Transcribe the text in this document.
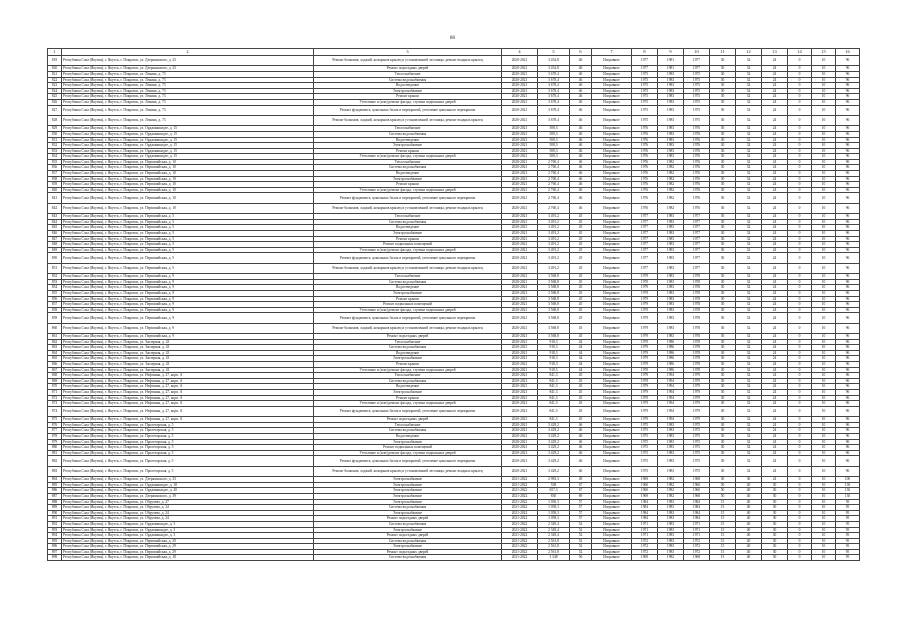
86
1	2	3	4	5	6	7	8	9	10	11	12	13	14	15	16
819	Республика Саха (Якутия), г. Якутск, г. Покровск, ул. Дзержинского, д. 25	Ремонт балконов, лоджий, козырьков крылец и установленной лестницы, ремонт входных крылец	2020-2021	3 434,8	46	Исправное	1977	1981	1977	30	32	24	0	10	96
820	Республика Саха (Якутия), г. Якутск, г. Покровск, ул. Дзержинского, д. 25	Ремонт подъездных дверей	2020-2021	3 434,8	46	Исправное	1977	1981	1977	30	32	24	0	10	96
821	Республика Саха (Якутия), г. Якутск, г. Покровск, ул. Ленина, д. 73	Теплоснабжение	2020-2021	3 678,4	46	Исправное	1975	1983	1975	30	32	24	0	10	96
822	Республика Саха (Якутия), г. Якутск, г. Покровск, ул. Ленина, д. 73	Система водоснабжения	2020-2021	3 678,4	46	Исправное	1975	1983	1975	30	32	24	0	10	96
823	Республика Саха (Якутия), г. Якутск, г. Покровск, ул. Ленина, д. 73	Водоотведение	2020-2021	3 678,4	46	Исправное	1975	1983	1975	30	32	24	0	10	96
824	Республика Саха (Якутия), г. Якутск, г. Покровск, ул. Ленина, д. 73	Электроснабжение	2020-2021	3 678,4	46	Исправное	1975	1983	1975	30	32	24	0	10	96
825	Республика Саха (Якутия), г. Якутск, г. Покровск, ул. Ленина, д. 73	Ремонт крыши	2020-2021	3 678,4	46	Исправное	1975	1983	1975	30	32	24	0	10	96
826	Республика Саха (Якутия), г. Якутск, г. Покровск, ул. Ленина, д. 73	Утепление и (или) ремонт фасада, ступени подвальных дверей	2020-2021	3 678,4	46	Исправное	1975	1983	1975	30	32	24	0	10	96
827	Республика Саха (Якутия), г. Якутск, г. Покровск, ул. Ленина, д. 73	Ремонт фундамента, цокольных балок и перекрытий, утепление цокольного перекрытия	2020-2021	3 678,4	46	Исправное	1975	1983	1975	30	32	24	0	10	96
828	Республика Саха (Якутия), г. Якутск, г. Покровск, ул. Ленина, д. 73	Ремонт балконов, лоджий, козырьков крылец и установленной лестницы, ремонт входных крылец	2020-2021	3 678,4	46	Исправное	1975	1983	1975	30	32	24	0	10	96
829	Республика Саха (Якутия), г. Якутск, г. Покровск, ул. Орджоникидзе, д. 15	Теплоснабжение	2020-2021	508,3	46	Исправное	1976	1983	1976	30	32	24	0	10	96
830	Республика Саха (Якутия), г. Якутск, г. Покровск, ул. Орджоникидзе, д. 15	Система водоснабжения	2020-2021	508,3	46	Исправное	1976	1983	1976	30	32	24	0	10	96
831	Республика Саха (Якутия), г. Якутск, г. Покровск, ул. Орджоникидзе, д. 15	Водоотведение	2020-2021	508,3	46	Исправное	1976	1983	1976	30	32	24	0	10	96
832	Республика Саха (Якутия), г. Якутск, г. Покровск, ул. Орджоникидзе, д. 15	Электроснабжение	2020-2021	508,3	46	Исправное	1976	1983	1976	30	32	24	0	10	96
833	Республика Саха (Якутия), г. Якутск, г. Покровск, ул. Орджоникидзе, д. 15	Ремонт крыши	2020-2021	508,3	46	Исправное	1976	1983	1976	30	32	24	0	10	96
834	Республика Саха (Якутия), г. Якутск, г. Покровск, ул. Орджоникидзе, д. 15	Утепление и (или) ремонт фасада, ступени подвальных дверей	2020-2021	508,3	46	Исправное	1976	1983	1976	30	32	24	0	10	96
835	Республика Саха (Якутия), г. Якутск, г. Покровск, ул. Первомайская, д. 10	Теплоснабжение	2020-2021	2 760,4	46	Исправное	1976	1982	1976	30	32	24	0	10	96
836	Республика Саха (Якутия), г. Якутск, г. Покровск, ул. Первомайская, д. 10	Система водоснабжения	2020-2021	2 760,4	46	Исправное	1976	1982	1976	30	32	24	0	10	96
837	Республика Саха (Якутия), г. Якутск, г. Покровск, ул. Первомайская, д. 10	Водоотведение	2020-2021	2 760,4	46	Исправное	1976	1982	1976	30	32	24	0	10	96
838	Республика Саха (Якутия), г. Якутск, г. Покровск, ул. Первомайская, д. 10	Электроснабжение	2020-2021	2 760,4	46	Исправное	1976	1982	1976	30	32	24	0	10	96
839	Республика Саха (Якутия), г. Якутск, г. Покровск, ул. Первомайская, д. 10	Ремонт крыши	2020-2021	2 760,4	46	Исправное	1976	1982	1976	30	32	24	0	10	96
840	Республика Саха (Якутия), г. Якутск, г. Покровск, ул. Первомайская, д. 10	Утепление и (или) ремонт фасада, ступени подвальных дверей	2020-2021	2 760,4	46	Исправное	1976	1982	1976	30	32	24	0	10	96
841	Республика Саха (Якутия), г. Якутск, г. Покровск, ул. Первомайская, д. 10	Ремонт фундамента, цокольных балок и перекрытий, утепление цокольного перекрытия	2020-2021	2 760,4	46	Исправное	1976	1982	1976	30	32	24	0	10	96
842	Республика Саха (Якутия), г. Якутск, г. Покровск, ул. Первомайская, д. 10	Ремонт балконов, лоджий, козырьков крылец и установленной лестницы, ремонт входных крылец	2020-2021	2 760,4	46	Исправное	1976	1982	1976	30	32	24	0	10	96
843	Республика Саха (Якутия), г. Якутск, г. Покровск, ул. Первомайская, д. 5	Теплоснабжение	2020-2021	3 491,2	45	Исправное	1977	1983	1977	30	32	24	0	10	96
844	Республика Саха (Якутия), г. Якутск, г. Покровск, ул. Первомайская, д. 5	Система водоснабжения	2020-2021	3 491,2	45	Исправное	1977	1983	1977	30	32	24	0	10	96
845	Республика Саха (Якутия), г. Якутск, г. Покровск, ул. Первомайская, д. 5	Водоотведение	2020-2021	3 491,2	45	Исправное	1977	1983	1977	30	32	24	0	10	96
846	Республика Саха (Якутия), г. Якутск, г. Покровск, ул. Первомайская, д. 5	Электроснабжение	2020-2021	3 491,2	45	Исправное	1977	1983	1977	30	32	24	0	10	96
847	Республика Саха (Якутия), г. Якутск, г. Покровск, ул. Первомайская, д. 5	Ремонт крыши	2020-2021	3 491,2	45	Исправное	1977	1983	1977	30	32	24	0	10	96
848	Республика Саха (Якутия), г. Якутск, г. Покровск, ул. Первомайская, д. 5	Ремонт подвальных помещений	2020-2021	3 491,2	45	Исправное	1977	1983	1977	30	32	24	0	10	96
849	Республика Саха (Якутия), г. Якутск, г. Покровск, ул. Первомайская, д. 5	Утепление и (или) ремонт фасада, ступени подвальных дверей	2020-2021	3 491,2	45	Исправное	1977	1983	1977	30	32	24	0	10	96
850	Республика Саха (Якутия), г. Якутск, г. Покровск, ул. Первомайская, д. 5	Ремонт фундамента, цокольных балок и перекрытий, утепление цокольного перекрытия	2020-2021	3 491,2	45	Исправное	1977	1983	1977	30	32	24	0	10	96
851	Республика Саха (Якутия), г. Якутск, г. Покровск, ул. Первомайская, д. 5	Ремонт балконов, лоджий, козырьков крылец и установленной лестницы, ремонт входных крылец	2020-2021	3 491,2	45	Исправное	1977	1983	1977	30	32	24	0	10	96
852	Республика Саха (Якутия), г. Якутск, г. Покровск, ул. Первомайская, д. 9	Теплоснабжение	2020-2021	3 568,8	45	Исправное	1979	1983	1978	30	32	24	0	10	96
853	Республика Саха (Якутия), г. Якутск, г. Покровск, ул. Первомайская, д. 9	Система водоснабжения	2020-2021	3 568,8	45	Исправное	1979	1983	1978	30	32	24	0	10	96
854	Республика Саха (Якутия), г. Якутск, г. Покровск, ул. Первомайская, д. 9	Водоотведение	2020-2021	3 568,8	45	Исправное	1979	1983	1978	30	32	24	0	10	96
855	Республика Саха (Якутия), г. Якутск, г. Покровск, ул. Первомайская, д. 9	Электроснабжение	2020-2021	3 568,8	45	Исправное	1979	1983	1978	30	32	24	0	10	96
856	Республика Саха (Якутия), г. Якутск, г. Покровск, ул. Первомайская, д. 9	Ремонт крыши	2020-2021	3 568,8	45	Исправное	1979	1983	1978	30	32	24	0	10	96
857	Республика Саха (Якутия), г. Якутск, г. Покровск, ул. Первомайская, д. 9	Ремонт подвальных помещений	2020-2021	3 568,8	45	Исправное	1979	1983	1978	30	32	24	0	10	96
858	Республика Саха (Якутия), г. Якутск, г. Покровск, ул. Первомайская, д. 9	Утепление и (или) ремонт фасада, ступени подвальных дверей	2020-2021	3 568,8	45	Исправное	1979	1983	1978	30	32	24	0	10	96
859	Республика Саха (Якутия), г. Якутск, г. Покровск, ул. Первомайская, д. 9	Ремонт фундамента, цокольных балок и перекрытий, утепление цокольного перекрытия	2020-2021	3 568,8	45	Исправное	1979	1983	1978	30	32	24	0	10	96
860	Республика Саха (Якутия), г. Якутск, г. Покровск, ул. Первомайская, д. 9	Ремонт балконов, лоджий, козырьков крылец и установленной лестницы, ремонт входных крылец	2020-2021	3 568,8	45	Исправное	1979	1983	1978	30	32	24	0	10	96
861	Республика Саха (Якутия), г. Якутск, г. Покровск, ул. Первомайская, д. 9	Ремонт подъездных дверей	2020-2021	3 568,8	45	Исправное	1979	1983	1978	30	32	24	0	10	96
862	Республика Саха (Якутия), г. Якутск, г. Покровск, ул. Заозерная, д. 43	Теплоснабжение	2020-2021	918,3	44	Исправное	1979	1986	1978	30	32	24	0	10	96
863	Республика Саха (Якутия), г. Якутск, г. Покровск, ул. Заозерная, д. 43	Система водоснабжения	2020-2021	918,3	44	Исправное	1979	1986	1978	30	32	24	0	10	96
864	Республика Саха (Якутия), г. Якутск, г. Покровск, ул. Заозерная, д. 43	Водоотведение	2020-2021	918,3	44	Исправное	1979	1986	1978	30	32	24	0	10	96
865	Республика Саха (Якутия), г. Якутск, г. Покровск, ул. Заозерная, д. 43	Электроснабжение	2020-2021	918,3	44	Исправное	1979	1986	1978	30	32	24	0	10	96
866	Республика Саха (Якутия), г. Якутск, г. Покровск, ул. Заозерная, д. 43	Ремонт крыши	2020-2021	918,3	44	Исправное	1979	1986	1978	30	32	24	0	10	96
867	Республика Саха (Якутия), г. Якутск, г. Покровск, ул. Заозерная, д. 43	Утепление и (или) ремонт фасада, ступени подвальных дверей	2020-2021	918,3	44	Исправное	1979	1986	1978	30	32	24	0	10	96
868	Республика Саха (Якутия), г. Якутск, г. Покровск, ул. Нефтяная, д. 27, корп. А	Теплоснабжение	2020-2021	841,3	45	Исправное	1979	1994	1979	30	32	24	0	10	96
869	Республика Саха (Якутия), г. Якутск, г. Покровск, ул. Нефтяная, д. 27, корп. А	Система водоснабжения	2020-2021	841,3	45	Исправное	1979	1994	1979	30	32	24	0	10	96
870	Республика Саха (Якутия), г. Якутск, г. Покровск, ул. Нефтяная, д. 27, корп. А	Водоотведение	2020-2021	841,3	45	Исправное	1979	1994	1979	30	32	24	0	10	96
871	Республика Саха (Якутия), г. Якутск, г. Покровск, ул. Нефтяная, д. 27, корп. А	Электроснабжение	2020-2021	841,3	45	Исправное	1979	1994	1979	30	32	24	0	10	96
872	Республика Саха (Якутия), г. Якутск, г. Покровск, ул. Нефтяная, д. 27, корп. А	Ремонт крыши	2020-2021	841,3	45	Исправное	1979	1994	1979	30	32	24	0	10	96
873	Республика Саха (Якутия), г. Якутск, г. Покровск, ул. Нефтяная, д. 27, корп. А	Утепление и (или) ремонт фасада, ступени подвальных дверей	2020-2021	841,3	45	Исправное	1979	1994	1979	30	32	24	0	10	96
874	Республика Саха (Якутия), г. Якутск, г. Покровск, ул. Нефтяная, д. 27, корп. А	Ремонт фундамента, цокольных балок и перекрытий, утепление цокольного перекрытия	2020-2021	841,3	45	Исправное	1979	1994	1979	30	32	24	0	10	96
875	Республика Саха (Якутия), г. Якутск, г. Покровск, ул. Нефтяная, д. 27, корп. А	Ремонт подъездных дверей	2020-2021	841,3	45	Исправное	1979	1994	1979	30	32	24	0	10	96
876	Республика Саха (Якутия), г. Якутск, г. Покровск, ул. Пролетарская, д. 5	Теплоснабжение	2020-2021	3 429,2	46	Исправное	1975	1983	1975	30	32	24	0	10	96
877	Республика Саха (Якутия), г. Якутск, г. Покровск, ул. Пролетарская, д. 5	Система водоснабжения	2020-2021	3 429,2	46	Исправное	1975	1983	1975	30	32	24	0	10	96
878	Республика Саха (Якутия), г. Якутск, г. Покровск, ул. Пролетарская, д. 5	Водоотведение	2020-2021	3 429,2	46	Исправное	1975	1983	1975	30	32	24	0	10	96
879	Республика Саха (Якутия), г. Якутск, г. Покровск, ул. Пролетарская, д. 5	Электроснабжение	2020-2021	3 429,2	46	Исправное	1975	1983	1975	30	32	24	0	10	96
880	Республика Саха (Якутия), г. Якутск, г. Покровск, ул. Пролетарская, д. 5	Ремонт подвальных помещений	2020-2021	3 429,2	46	Исправное	1975	1983	1975	30	32	24	0	10	96
881	Республика Саха (Якутия), г. Якутск, г. Покровск, ул. Пролетарская, д. 5	Утепление и (или) ремонт фасада, ступени подвальных дверей	2020-2021	3 429,2	46	Исправное	1975	1983	1975	30	32	24	0	10	96
882	Республика Саха (Якутия), г. Якутск, г. Покровск, ул. Пролетарская, д. 5	Ремонт фундамента, цокольных балок и перекрытий, утепление цокольного перекрытия	2020-2021	3 429,2	46	Исправное	1975	1983	1975	30	32	24	0	10	96
883	Республика Саха (Якутия), г. Якутск, г. Покровск, ул. Пролетарская, д. 5	Ремонт балконов, лоджий, козырьков крылец и установленной лестницы, ремонт входных крылец	2020-2021	3 429,2	46	Исправное	1975	1983	1975	30	32	24	0	10	96
884	Республика Саха (Якутия), г. Якутск, г. Покровск, ул. Дзержинского, д. 35	Электроснабжение	2021-2022	2 983,3	49	Исправное	1969	1982	1968	30	30	24	0	10	100
885	Республика Саха (Якутия), г. Якутск, г. Покровск, ул. Орджоникидзе, д. 18	Электроснабжение	2021-2022	538	67	Исправное	1960	1982	1960	50	40	30	0	10	130
886	Республика Саха (Якутия), г. Якутск, г. Покровск, ул. Орджоникидзе, д. 20	Электроснабжение	2021-2022	657,3	67	Исправное	1960	1982	1960	50	40	30	0	10	130
887	Республика Саха (Якутия), г. Якутск, г. Покровск, ул. Дзержинского, д. 39	Электроснабжение	2021-2022	830	69	Исправное	1969	1982	1968	50	40	30	0	10	130
888	Республика Саха (Якутия), г. Якутск, г. Покровск, ул. Обручева, д. 27	Электроснабжение	2021-2022	1 050,3	57	Исправное	1984	1983	1984	15	40	30	0	10	95
889	Республика Саха (Якутия), г. Якутск, г. Покровск, ул. Обручева, д. 24	Система водоснабжения	2021-2022	1 058,3	57	Исправное	1984	1983	1984	15	40	30	0	10	95
890	Республика Саха (Якутия), г. Якутск, г. Покровск, ул. Обручева, д. 24	Электроснабжение	2021-2022	1 058,3	57	Исправное	1984	1983	1984	15	40	30	0	10	95
891	Республика Саха (Якутия), г. Якутск, г. Покровск, ул. Обручева, д. 24	Ремонт подъездных дверей	2021-2022	1 058,3	57	Исправное	1984	1983	1984	15	40	30	0	10	95
892	Республика Саха (Якутия), г. Якутск, г. Покровск, ул. Орджоникидзе, д. 3	Система водоснабжения	2021-2022	2 349,4	52	Исправное	1971	1983	1971	15	40	30	0	10	95
893	Республика Саха (Якутия), г. Якутск, г. Покровск, ул. Орджоникидзе, д. 3	Электроснабжение	2021-2022	2 349,4	52	Исправное	1971	1983	1971	15	40	30	0	10	95
894	Республика Саха (Якутия), г. Якутск, г. Покровск, ул. Орджоникидзе, д. 3	Ремонт подъездных дверей	2021-2022	2 349,4	52	Исправное	1971	1983	1971	15	40	30	0	10	95
895	Республика Саха (Якутия), г. Якутск, г. Покровск, ул. Первомайская, д. 29	Система водоснабжения	2021-2022	2 561,8	52	Исправное	1972	1983	1972	15	40	30	0	10	95
896	Республика Саха (Якутия), г. Якутск, г. Покровск, ул. Первомайская, д. 29	Электроснабжение	2021-2022	2 561,8	52	Исправное	1972	1983	1972	15	40	30	0	10	95
897	Республика Саха (Якутия), г. Якутск, г. Покровск, ул. Первомайская, д. 29	Ремонт подъездных дверей	2021-2022	2 561,8	52	Исправное	1972	1983	1972	15	40	30	0	10	95
898	Республика Саха (Якутия), г. Якутск, г. Покровск, ул. Первомайская, д. 18	Система водоснабжения	2021-2022	3 348	56	Исправное	1969	1982	1968	15	40	30	0	10	95
